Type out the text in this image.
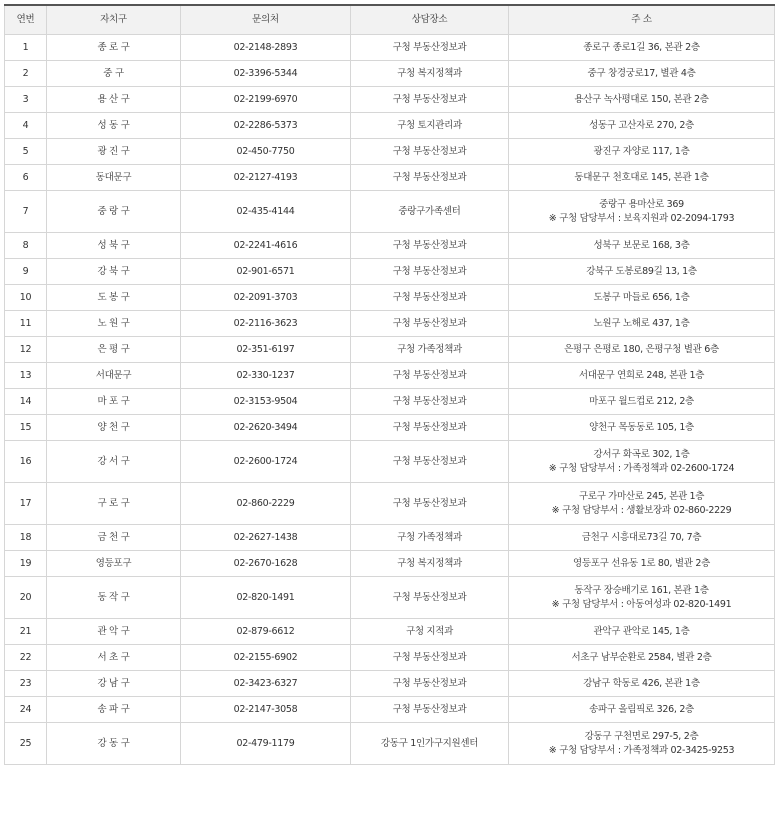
연번	자치구	문의처	상담장소	주 소
1	종 로 구	02-2148-2893	구청 부동산정보과	종로구 종로1길 36, 본관 2층

2	중 구	02-3396-5344	구청 복지정책과	중구 창경궁로17, 별관 4층

3	용 산 구	02-2199-6970	구청 부동산정보과	용산구 녹사평대로 150, 본관 2층

4	성 동 구	02-2286-5373	구청 토지관리과	성동구 고산자로 270, 2층

5	광 진 구	02-450-7750	구청 부동산정보과	광진구 자양로 117, 1층

6	동대문구	02-2127-4193	구청 부동산정보과	동대문구 천호대로 145, 본관 1층

7	중 랑 구	02-435-4144	중랑구가족센터	중랑구 용마산로 369
※ 구청 담당부서 : 보육지원과 02-2094-1793

8	성 북 구	02-2241-4616	구청 부동산정보과	성북구 보문로 168, 3층

9	강 북 구	02-901-6571	구청 부동산정보과	강북구 도봉로89길 13, 1층

10	도 봉 구	02-2091-3703	구청 부동산정보과	도봉구 마들로 656, 1층

11	노 원 구	02-2116-3623	구청 부동산정보과	노원구 노해로 437, 1층

12	은 평 구	02-351-6197	구청 가족정책과	은평구 은평로 180, 은평구청 별관 6층

13	서대문구	02-330-1237	구청 부동산정보과	서대문구 연희로 248, 본관 1층

14	마 포 구	02-3153-9504	구청 부동산정보과	마포구 월드컵로 212, 2층

15	양 천 구	02-2620-3494	구청 부동산정보과	양천구 목동동로 105, 1층

16	강 서 구	02-2600-1724	구청 부동산정보과	강서구 화곡로 302, 1층
※ 구청 담당부서 : 가족정책과 02-2600-1724

17	구 로 구	02-860-2229	구청 부동산정보과	구로구 가마산로 245, 본관 1층
※ 구청 담당부서 : 생활보장과 02-860-2229

18	금 천 구	02-2627-1438	구청 가족정책과	금천구 시흥대로73길 70, 7층

19	영등포구	02-2670-1628	구청 복지정책과	영등포구 선유동 1로 80, 별관 2층

20	동 작 구	02-820-1491	구청 부동산정보과	동작구 장승배기로 161, 본관 1층
※ 구청 담당부서 : 아동여성과 02-820-1491

21	관 악 구	02-879-6612	구청 지적과	관악구 관악로 145, 1층

22	서 초 구	02-2155-6902	구청 부동산정보과	서초구 남부순환로 2584, 별관 2층

23	강 남 구	02-3423-6327	구청 부동산정보과	강남구 학동로 426, 본관 1층

24	송 파 구	02-2147-3058	구청 부동산정보과	송파구 올림픽로 326, 2층

25	강 동 구	02-479-1179	강동구 1인가구지원센터	강동구 구천면로 297-5, 2층
※ 구청 담당부서 : 가족정책과 02-3425-9253
